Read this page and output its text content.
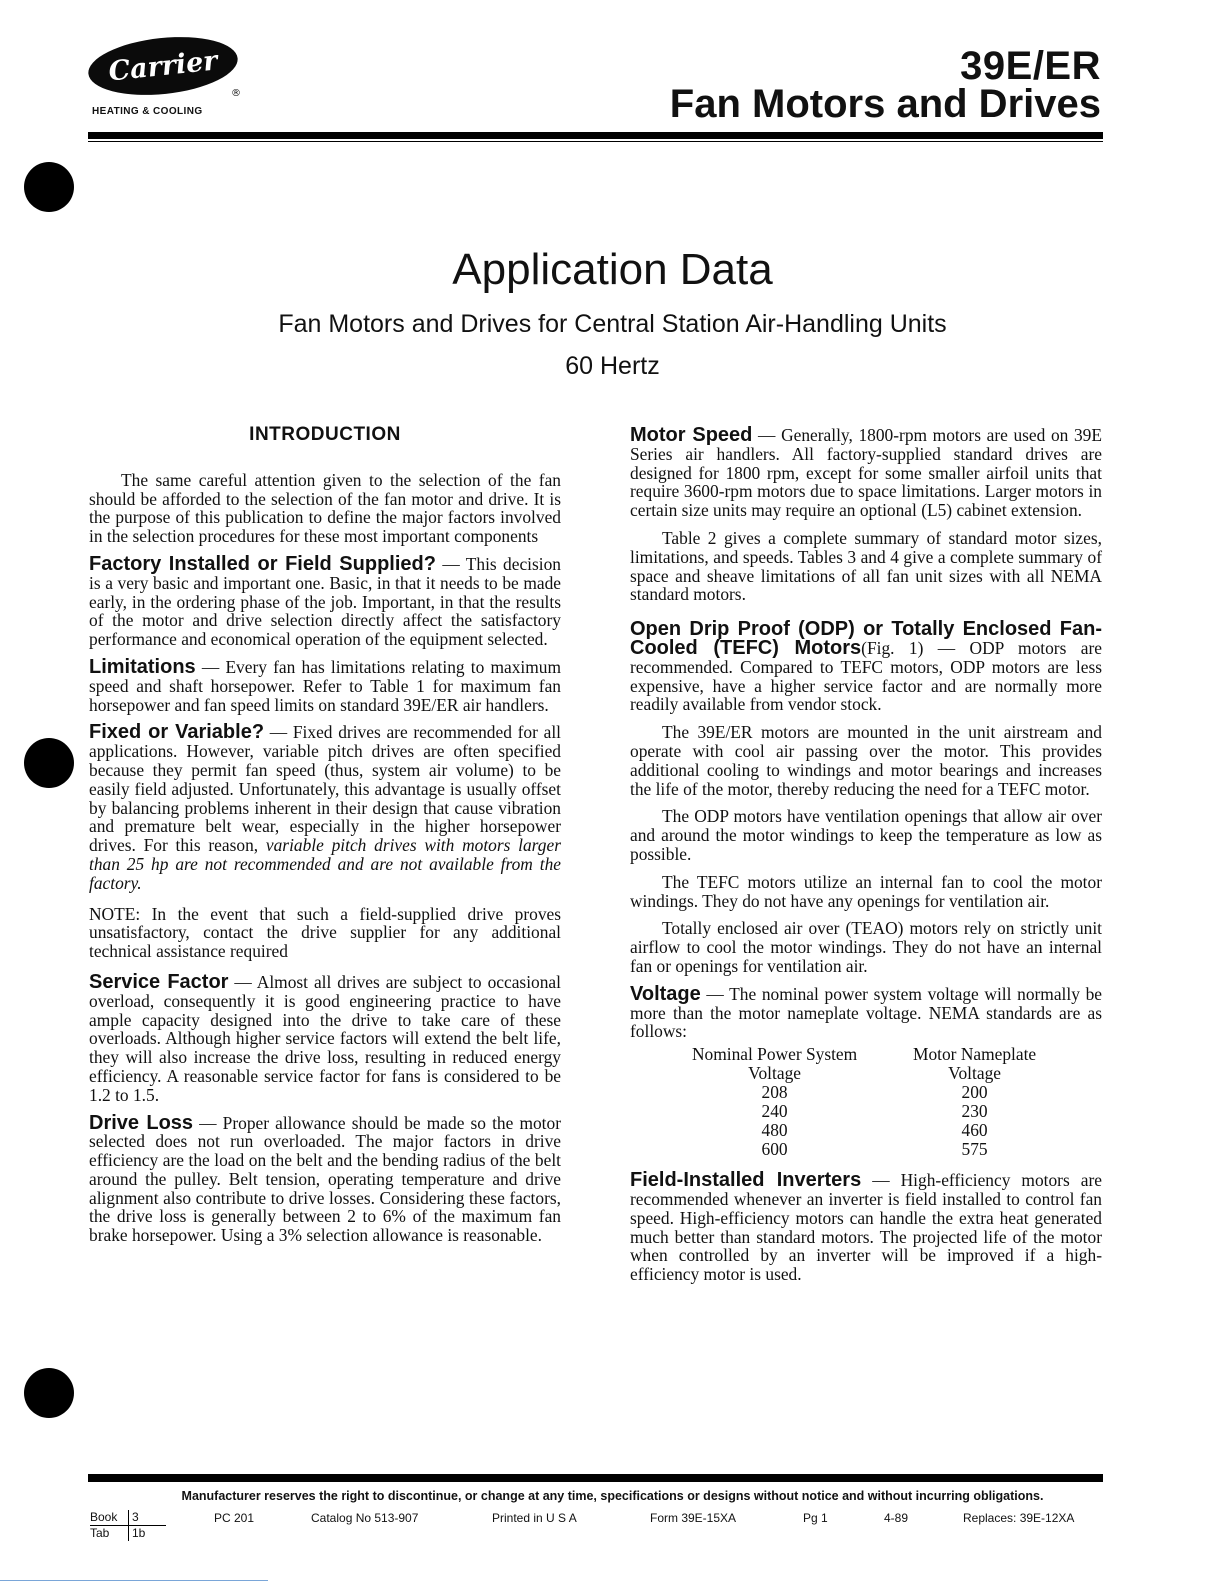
Carrier
®
HEATING & COOLING
39E/ER
Fan Motors and Drives
Application Data
Fan Motors and Drives for Central Station Air-Handling Units
60 Hertz
INTRODUCTION

The same careful attention given to the selection of the fan should be afforded to the selection of the fan motor and drive. It is the purpose of this publication to define the major factors involved in the selection procedures for these most important components

Factory Installed or Field Supplied? — This decision is a very basic and important one. Basic, in that it needs to be made early, in the ordering phase of the job. Important, in that the results of the motor and drive selection directly affect the satisfactory performance and economical operation of the equipment selected.

Limitations — Every fan has limitations relating to maximum speed and shaft horsepower. Refer to Table 1 for maximum fan horsepower and fan speed limits on standard 39E/ER air handlers.

Fixed or Variable? — Fixed drives are recommended for all applications. However, variable pitch drives are often specified because they permit fan speed (thus, system air volume) to be easily field adjusted. Unfortunately, this advantage is usually offset by balancing problems inherent in their design that cause vibration and premature belt wear, especially in the higher horsepower drives. For this reason, variable pitch drives with motors larger than 25 hp are not recommended and are not available from the factory.

NOTE: In the event that such a field-supplied drive proves unsatisfactory, contact the drive supplier for any additional technical assistance required

Service Factor — Almost all drives are subject to occasional overload, consequently it is good engineering practice to have ample capacity designed into the drive to take care of these overloads. Although higher service factors will extend the belt life, they will also increase the drive loss, resulting in reduced energy efficiency. A reasonable service factor for fans is considered to be 1.2 to 1.5.

Drive Loss — Proper allowance should be made so the motor selected does not run overloaded. The major factors in drive efficiency are the load on the belt and the bending radius of the belt around the pulley. Belt tension, operating temperature and drive alignment also contribute to drive losses. Considering these factors, the drive loss is generally between 2 to 6% of the maximum fan brake horsepower. Using a 3% selection allowance is reasonable.

Motor Speed — Generally, 1800-rpm motors are used on 39E Series air handlers. All factory-supplied standard drives are designed for 1800 rpm, except for some smaller airfoil units that require 3600-rpm motors due to space limitations. Larger motors in certain size units may require an optional (L5) cabinet extension.

Table 2 gives a complete summary of standard motor sizes, limitations, and speeds. Tables 3 and 4 give a complete summary of space and sheave limitations of all fan unit sizes with all NEMA standard motors.

Open Drip Proof (ODP) or Totally Enclosed Fan-Cooled (TEFC) Motors(Fig. 1) — ODP motors are recommended. Compared to TEFC motors, ODP motors are less expensive, have a higher service factor and are normally more readily available from vendor stock.

The 39E/ER motors are mounted in the unit airstream and operate with cool air passing over the motor. This provides additional cooling to windings and motor bearings and increases the life of the motor, thereby reducing the need for a TEFC motor.

The ODP motors have ventilation openings that allow air over and around the motor windings to keep the temperature as low as possible.

The TEFC motors utilize an internal fan to cool the motor windings. They do not have any openings for ventilation air.

Totally enclosed air over (TEAO) motors rely on strictly unit airflow to cool the motor windings. They do not have an internal fan or openings for ventilation air.

Voltage — The nominal power system voltage will normally be more than the motor nameplate voltage. NEMA standards are as follows:

Nominal Power System	Motor Nameplate
Voltage	Voltage
208	200
240	230
480	460
600	575

Field-Installed Inverters — High-efficiency motors are recommended whenever an inverter is field installed to control fan speed. High-efficiency motors can handle the extra heat generated much better than standard motors. The projected life of the motor when controlled by an inverter will be improved if a high-efficiency motor is used.

Manufacturer reserves the right to discontinue, or change at any time, specifications or designs without notice and without incurring obligations.
Book	3
Tab	1b
PC 201	Catalog No 513-907	Printed in U S A	Form 39E-15XA	Pg 1	4-89	Replaces: 39E-12XA
